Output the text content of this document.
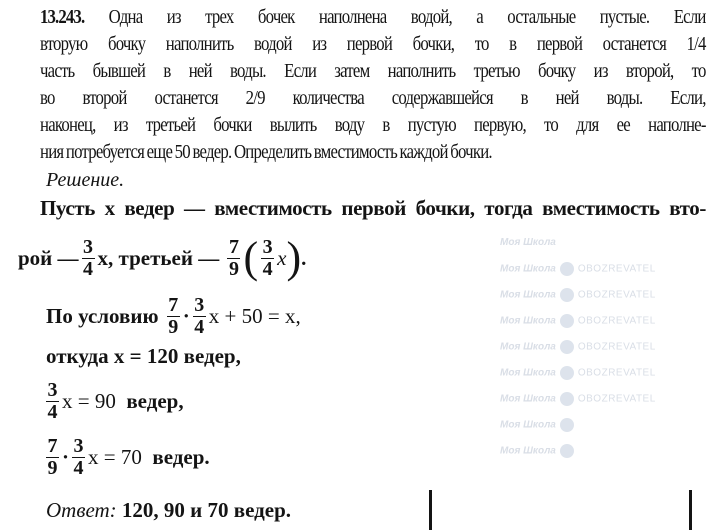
Моя Школа
Моя Школа OBOZREVATEL
Моя Школа OBOZREVATEL
Моя Школа OBOZREVATEL
Моя Школа OBOZREVATEL
Моя Школа OBOZREVATEL
Моя Школа OBOZREVATEL
Моя Школа
Моя Школа
13.243. Одна из трех бочек наполнена водой, а остальные пустые. Если
вторую бочку наполнить водой из первой бочки, то в первой останется 1/4
часть бывшей в ней воды. Если затем наполнить третью бочку из второй, то
во второй останется 2/9 количества содержавшейся в ней воды. Если,
наконец, из третьей бочки вылить воду в пустую первую, то для ее наполне-
ния потребуется еще 50 ведер. Определить вместимость каждой бочки.
Решение.
Пусть x ведер — вместимость первой бочки, тогда вместимость вто-
рой — $\frac{3}{4} x$, третьей —
$\frac{7}{9}$ ( $\frac{3}{4}$ x ) .
По условию
$\frac{7}{9} \cdot \frac{3}{4}$ x + 50 = x,
откуда x = 120 ведер,
$\frac{3}{4}$ x = 90
ведер,
$\frac{7}{9} \cdot \frac{3}{4}$ x = 70
ведер.
Ответ:
120, 90 и 70 ведер.
